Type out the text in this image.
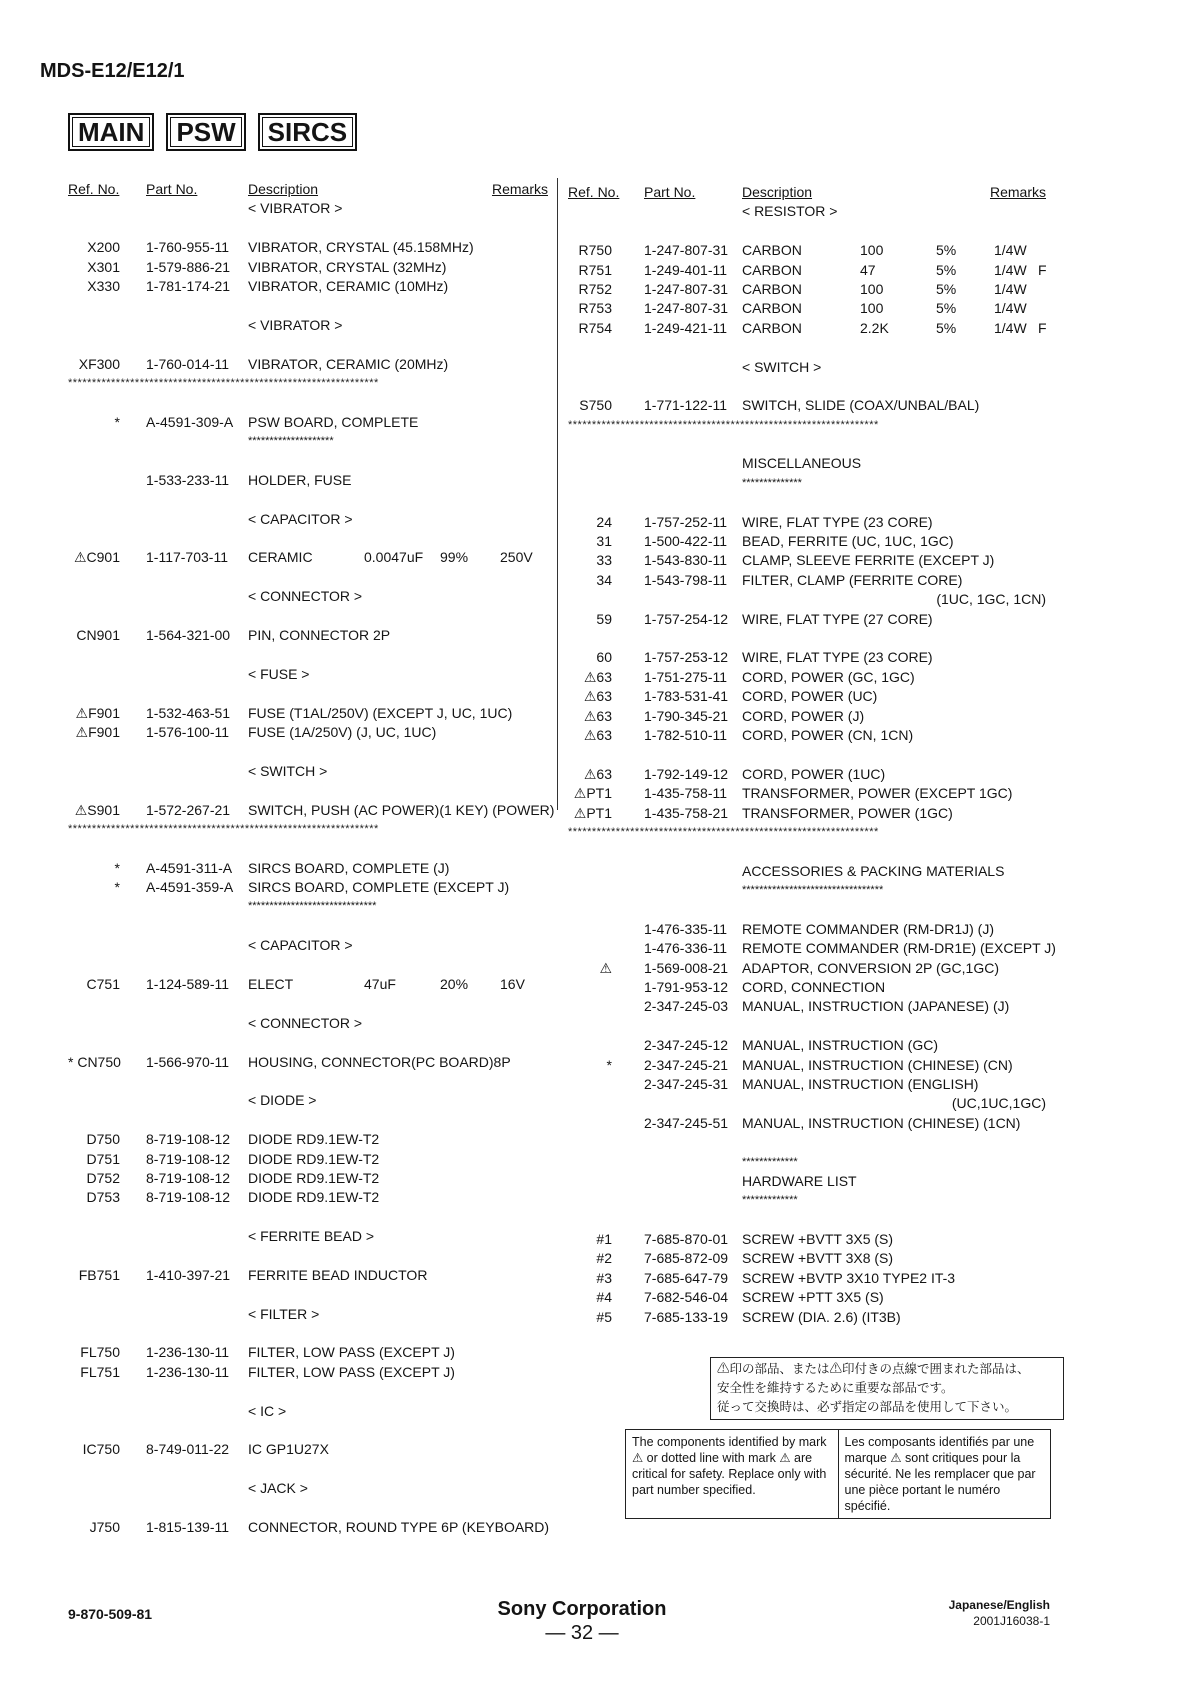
MDS-E12/E12/1
MAIN	PSW	SIRCS
Ref. No. Part No.	Description	Remarks
< VIBRATOR >
X200 1-760-955-11 VIBRATOR, CRYSTAL (45.158MHz)
X301 1-579-886-21 VIBRATOR, CRYSTAL (32MHz)
X330 1-781-174-21 VIBRATOR, CERAMIC (10MHz)
< VIBRATOR >
XF300 1-760-014-11 VIBRATOR, CERAMIC (20MHz)
*****************************************************************
* A-4591-309-A PSW BOARD, COMPLETE
********************
1-533-233-11 HOLDER, FUSE
< CAPACITOR >
⚠C901 1-117-703-11 CERAMIC	0.0047uF 99% 250V
< CONNECTOR >
CN901 1-564-321-00 PIN, CONNECTOR 2P
< FUSE >
⚠F901 1-532-463-51 FUSE (T1AL/250V) (EXCEPT J, UC, 1UC)
⚠F901 1-576-100-11 FUSE (1A/250V) (J, UC, 1UC)
< SWITCH >
⚠S901 1-572-267-21 SWITCH, PUSH (AC POWER)(1 KEY) (POWER)
*****************************************************************
* A-4591-311-A SIRCS BOARD, COMPLETE (J)
* A-4591-359-A SIRCS BOARD, COMPLETE (EXCEPT J)
******************************
< CAPACITOR >
C751 1-124-589-11 ELECT	47uF	20% 16V
< CONNECTOR >
* CN750 1-566-970-11 HOUSING, CONNECTOR(PC BOARD)8P
< DIODE >
D750 8-719-108-12 DIODE RD9.1EW-T2
D751 8-719-108-12 DIODE RD9.1EW-T2
D752 8-719-108-12 DIODE RD9.1EW-T2
D753 8-719-108-12 DIODE RD9.1EW-T2
< FERRITE BEAD >
FB751 1-410-397-21 FERRITE BEAD INDUCTOR
< FILTER >
FL750 1-236-130-11 FILTER, LOW PASS (EXCEPT J)
FL751 1-236-130-11 FILTER, LOW PASS (EXCEPT J)
< IC >
IC750 8-749-011-22 IC GP1U27X
< JACK >
J750 1-815-139-11 CONNECTOR, ROUND TYPE 6P (KEYBOARD)
Ref. No. Part No.	Description	Remarks
< RESISTOR >
R750 1-247-807-31 CARBON	100	5%	1/4W
R751 1-249-401-11 CARBON	47	5%	1/4W F
R752 1-247-807-31 CARBON	100	5%	1/4W
R753 1-247-807-31 CARBON	100	5%	1/4W
R754 1-249-421-11 CARBON	2.2K	5%	1/4W F
< SWITCH >
S750 1-771-122-11 SWITCH, SLIDE (COAX/UNBAL/BAL)
*****************************************************************
MISCELLANEOUS
**************
24 1-757-252-11 WIRE, FLAT TYPE (23 CORE)
31 1-500-422-11 BEAD, FERRITE (UC, 1UC, 1GC)
33 1-543-830-11 CLAMP, SLEEVE FERRITE (EXCEPT J)
34 1-543-798-11 FILTER, CLAMP (FERRITE CORE)
(1UC, 1GC, 1CN)
59 1-757-254-12 WIRE, FLAT TYPE (27 CORE)
60 1-757-253-12 WIRE, FLAT TYPE (23 CORE)
⚠63 1-751-275-11 CORD, POWER (GC, 1GC)
⚠63 1-783-531-41 CORD, POWER (UC)
⚠63 1-790-345-21 CORD, POWER (J)
⚠63 1-782-510-11 CORD, POWER (CN, 1CN)
⚠63 1-792-149-12 CORD, POWER (1UC)
⚠PT1 1-435-758-11 TRANSFORMER, POWER (EXCEPT 1GC)
⚠PT1 1-435-758-21 TRANSFORMER, POWER (1GC)
*****************************************************************
ACCESSORIES & PACKING MATERIALS
*********************************
1-476-335-11 REMOTE COMMANDER (RM-DR1J) (J)
1-476-336-11 REMOTE COMMANDER (RM-DR1E) (EXCEPT J)
⚠ 1-569-008-21 ADAPTOR, CONVERSION 2P (GC,1GC)
1-791-953-12 CORD, CONNECTION
2-347-245-03 MANUAL, INSTRUCTION (JAPANESE) (J)
2-347-245-12 MANUAL, INSTRUCTION (GC)
* 2-347-245-21 MANUAL, INSTRUCTION (CHINESE) (CN)
2-347-245-31 MANUAL, INSTRUCTION (ENGLISH)
(UC,1UC,1GC)
2-347-245-51 MANUAL, INSTRUCTION (CHINESE) (1CN)
*************
HARDWARE LIST
*************
#1 7-685-870-01 SCREW +BVTT 3X5 (S)
#2 7-685-872-09 SCREW +BVTT 3X8 (S)
#3 7-685-647-79 SCREW +BVTP 3X10 TYPE2 IT-3
#4 7-682-546-04 SCREW +PTT 3X5 (S)
#5 7-685-133-19 SCREW (DIA. 2.6) (IT3B)
⚠印の部品、または⚠印付きの点線で囲まれた部品は、
安全性を維持するために重要な部品です。
従って交換時は、必ず指定の部品を使用して下さい。
The components identified by mark ⚠ or dotted line with mark ⚠ are critical for safety. Replace only with part number specified.
Les composants identifiés par une marque ⚠ sont critiques pour la sécurité. Ne les remplacer que par une pièce portant le numéro spécifié.
9-870-509-81	Sony Corporation
— 32 —
Japanese/English
2001J16038-1
